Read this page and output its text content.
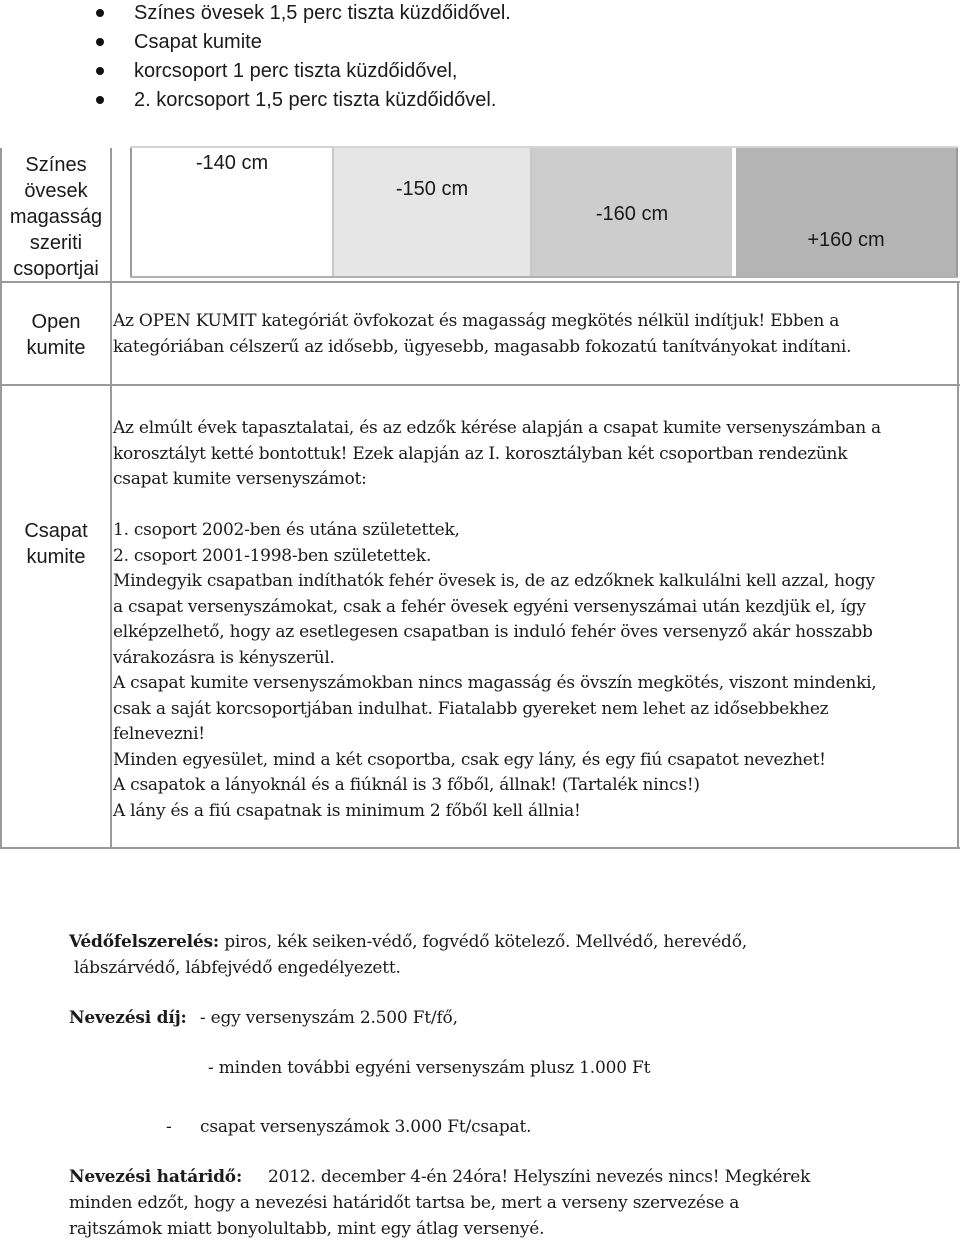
Színes övesek 1,5 perc tiszta küzdőidővel.
Csapat kumite
korcsoport 1 perc tiszta küzdőidővel,
2. korcsoport 1,5 perc tiszta küzdőidővel.
-140 cm
-150 cm
-160 cm
+160 cm
Színes
övesek
magasság
szeriti
csoportjai
Open
kumite
Az OPEN KUMIT kategóriát övfokozat és magasság megkötés nélkül indítjuk! Ebben a
kategóriában célszerű az idősebb, ügyesebb, magasabb fokozatú tanítványokat indítani.
Csapat
kumite
Az elmúlt évek tapasztalatai, és az edzők kérése alapján a csapat kumite versenyszámban a
korosztályt ketté bontottuk! Ezek alapján az I. korosztályban két csoportban rendezünk
csapat kumite versenyszámot:
1. csoport 2002-ben és utána születettek,
2. csoport 2001-1998-ben születettek.
Mindegyik csapatban indíthatók fehér övesek is, de az edzőknek kalkulálni kell azzal, hogy
a csapat versenyszámokat, csak a fehér övesek egyéni versenyszámai után kezdjük el, így
elképzelhető, hogy az esetlegesen csapatban is induló fehér öves versenyző akár hosszabb
várakozásra is kényszerül.
A csapat kumite versenyszámokban nincs magasság és övszín megkötés, viszont mindenki,
csak a saját korcsoportjában indulhat. Fiatalabb gyereket nem lehet az idősebbekhez
felnevezni!
Minden egyesület, mind a két csoportba, csak egy lány, és egy fiú csapatot nevezhet!
A csapatok a lányoknál és a fiúknál is 3 főből, állnak! (Tartalék nincs!)
A lány és a fiú csapatnak is minimum 2 főből kell állnia!
Védőfelszerelés: piros, kék seiken-védő, fogvédő kötelező. Mellvédő, herevédő,
lábszárvédő, lábfejvédő engedélyezett.
Nevezési díj: - egy versenyszám 2.500 Ft/fő,
- minden további egyéni versenyszám plusz 1.000 Ft
- csapat versenyszámok 3.000 Ft/csapat.
Nevezési határidő: 2012. december 4-én 24óra! Helyszíni nevezés nincs! Megkérek
minden edzőt, hogy a nevezési határidőt tartsa be, mert a verseny szervezése a
rajtszámok miatt bonyolultabb, mint egy átlag versenyé.
